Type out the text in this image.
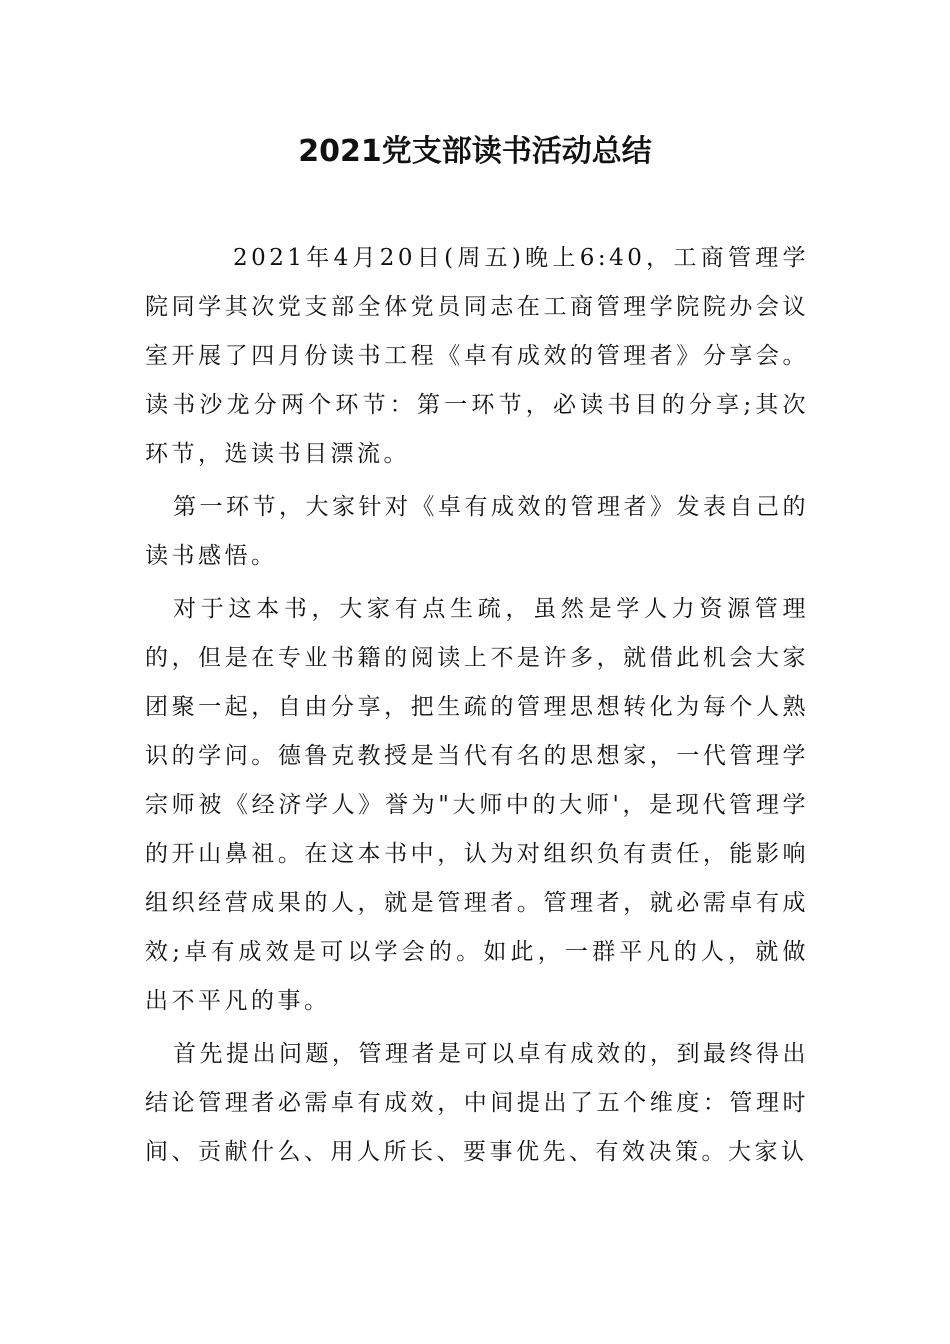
2021党支部读书活动总结

2021年4月20日(周五)晚上6:40，工商管理学院同学其次党支部全体党员同志在工商管理学院院办会议室开展了四月份读书工程《卓有成效的管理者》分享会。读书沙龙分两个环节：第一环节，必读书目的分享;其次环节，选读书目漂流。

第一环节，大家针对《卓有成效的管理者》发表自己的读书感悟。

对于这本书，大家有点生疏，虽然是学人力资源管理的，但是在专业书籍的阅读上不是许多，就借此机会大家团聚一起，自由分享，把生疏的管理思想转化为每个人熟识的学问。德鲁克教授是当代有名的思想家，一代管理学宗师被《经济学人》誉为"大师中的大师'，是现代管理学的开山鼻祖。在这本书中，认为对组织负有责任，能影响组织经营成果的人，就是管理者。管理者，就必需卓有成效;卓有成效是可以学会的。如此，一群平凡的人，就做出不平凡的事。

首先提出问题，管理者是可以卓有成效的，到最终得出结论管理者必需卓有成效，中间提出了五个维度：管理时间、贡献什么、用人所长、要事优先、有效决策。大家认
